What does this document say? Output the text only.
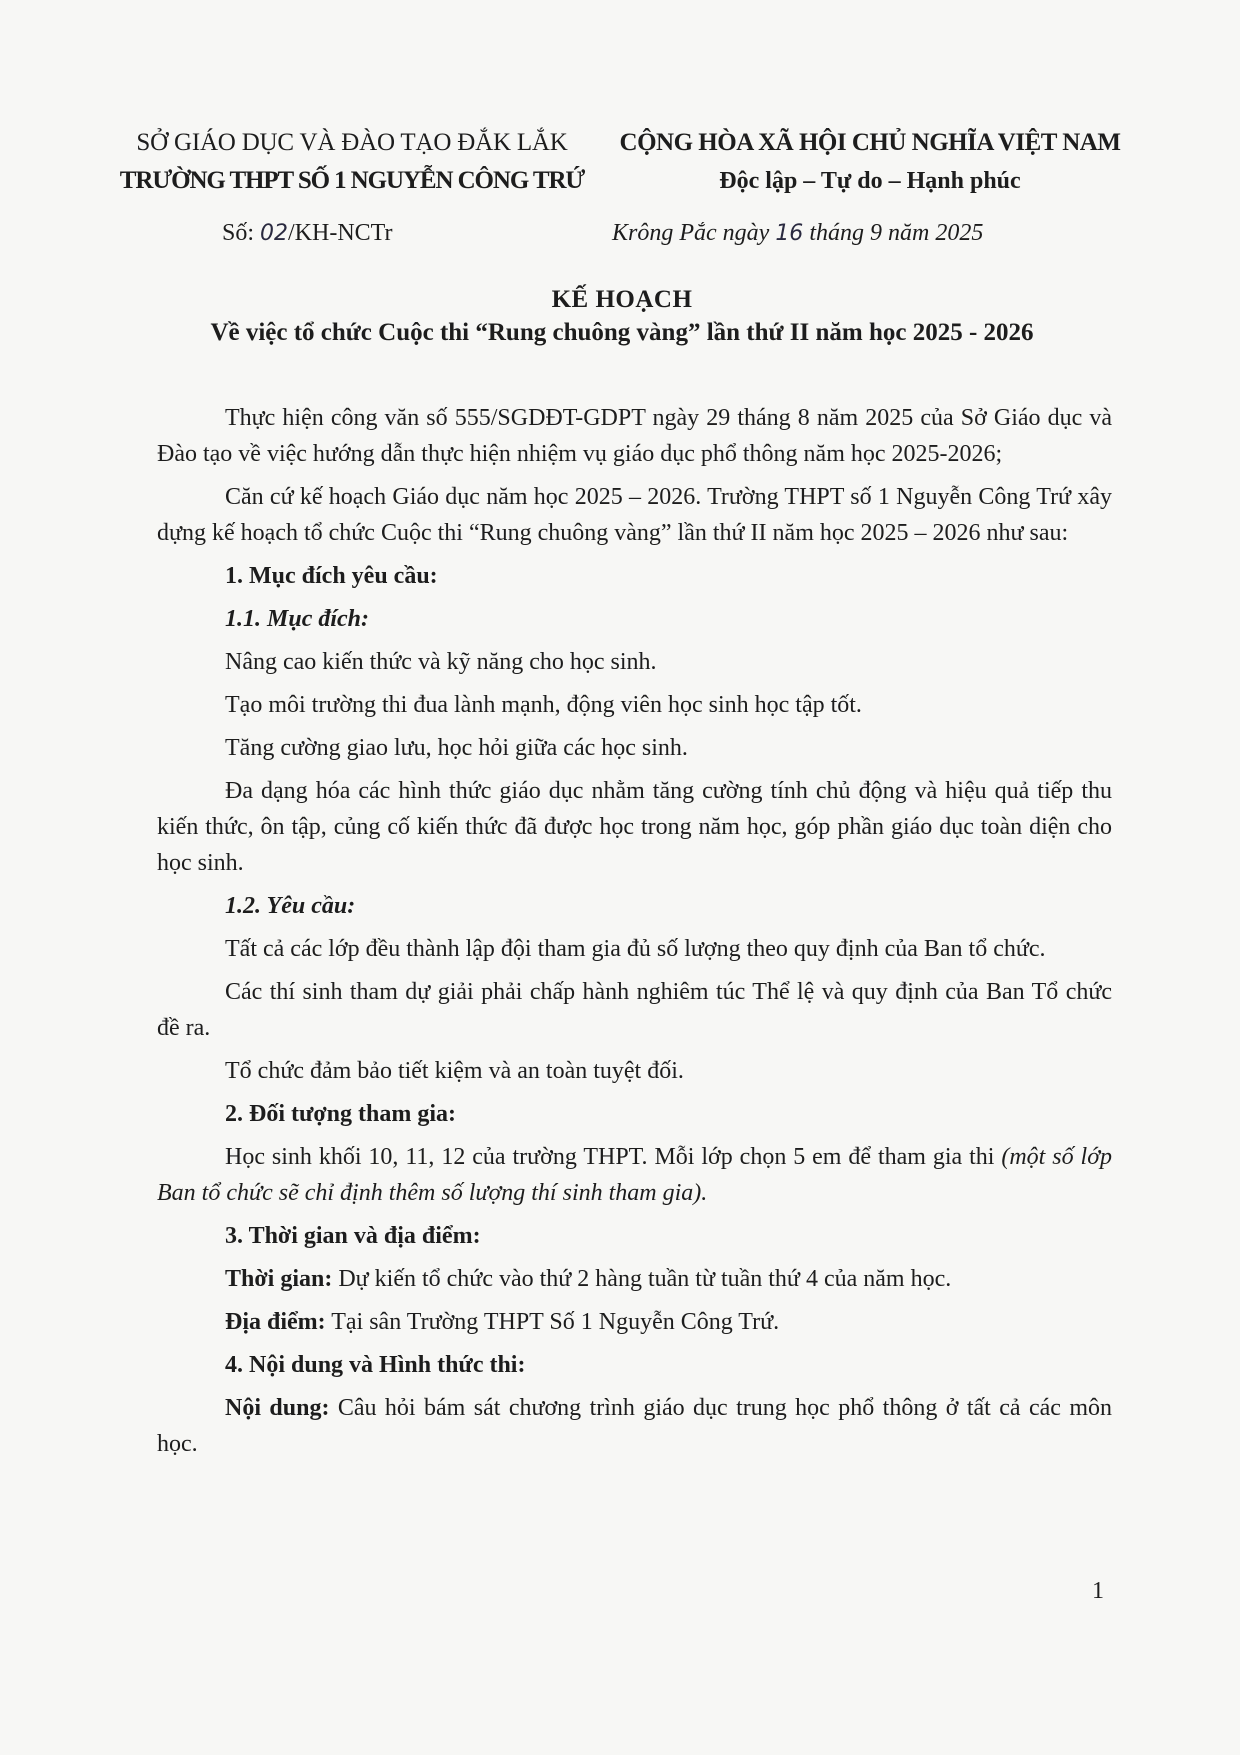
SỞ GIÁO DỤC VÀ ĐÀO TẠO ĐẮK LẮK
TRƯỜNG THPT SỐ 1 NGUYỄN CÔNG TRỨ
CỘNG HÒA XÃ HỘI CHỦ NGHĨA VIỆT NAM
Độc lập – Tự do – Hạnh phúc
Số: 02/KH-NCTr	Krông Pắc ngày 16 tháng 9 năm 2025
KẾ HOẠCH
Về việc tổ chức Cuộc thi “Rung chuông vàng” lần thứ II năm học 2025 - 2026

Thực hiện công văn số 555/SGDĐT-GDPT ngày 29 tháng 8 năm 2025 của Sở Giáo dục và Đào tạo về việc hướng dẫn thực hiện nhiệm vụ giáo dục phổ thông năm học 2025-2026;

Căn cứ kế hoạch Giáo dục năm học 2025 – 2026. Trường THPT số 1 Nguyễn Công Trứ xây dựng kế hoạch tổ chức Cuộc thi “Rung chuông vàng” lần thứ II năm học 2025 – 2026 như sau:

1. Mục đích yêu cầu:

1.1. Mục đích:

Nâng cao kiến thức và kỹ năng cho học sinh.

Tạo môi trường thi đua lành mạnh, động viên học sinh học tập tốt.

Tăng cường giao lưu, học hỏi giữa các học sinh.

Đa dạng hóa các hình thức giáo dục nhằm tăng cường tính chủ động và hiệu quả tiếp thu kiến thức, ôn tập, củng cố kiến thức đã được học trong năm học, góp phần giáo dục toàn diện cho học sinh.

1.2. Yêu cầu:

Tất cả các lớp đều thành lập đội tham gia đủ số lượng theo quy định của Ban tổ chức.

Các thí sinh tham dự giải phải chấp hành nghiêm túc Thể lệ và quy định của Ban Tổ chức đề ra.

Tổ chức đảm bảo tiết kiệm và an toàn tuyệt đối.

2. Đối tượng tham gia:

Học sinh khối 10, 11, 12 của trường THPT. Mỗi lớp chọn 5 em để tham gia thi (một số lớp Ban tổ chức sẽ chỉ định thêm số lượng thí sinh tham gia).

3. Thời gian và địa điểm:

Thời gian: Dự kiến tổ chức vào thứ 2 hàng tuần từ tuần thứ 4 của năm học.

Địa điểm: Tại sân Trường THPT Số 1 Nguyễn Công Trứ.

4. Nội dung và Hình thức thi:

Nội dung: Câu hỏi bám sát chương trình giáo dục trung học phổ thông ở tất cả các môn học.

1
